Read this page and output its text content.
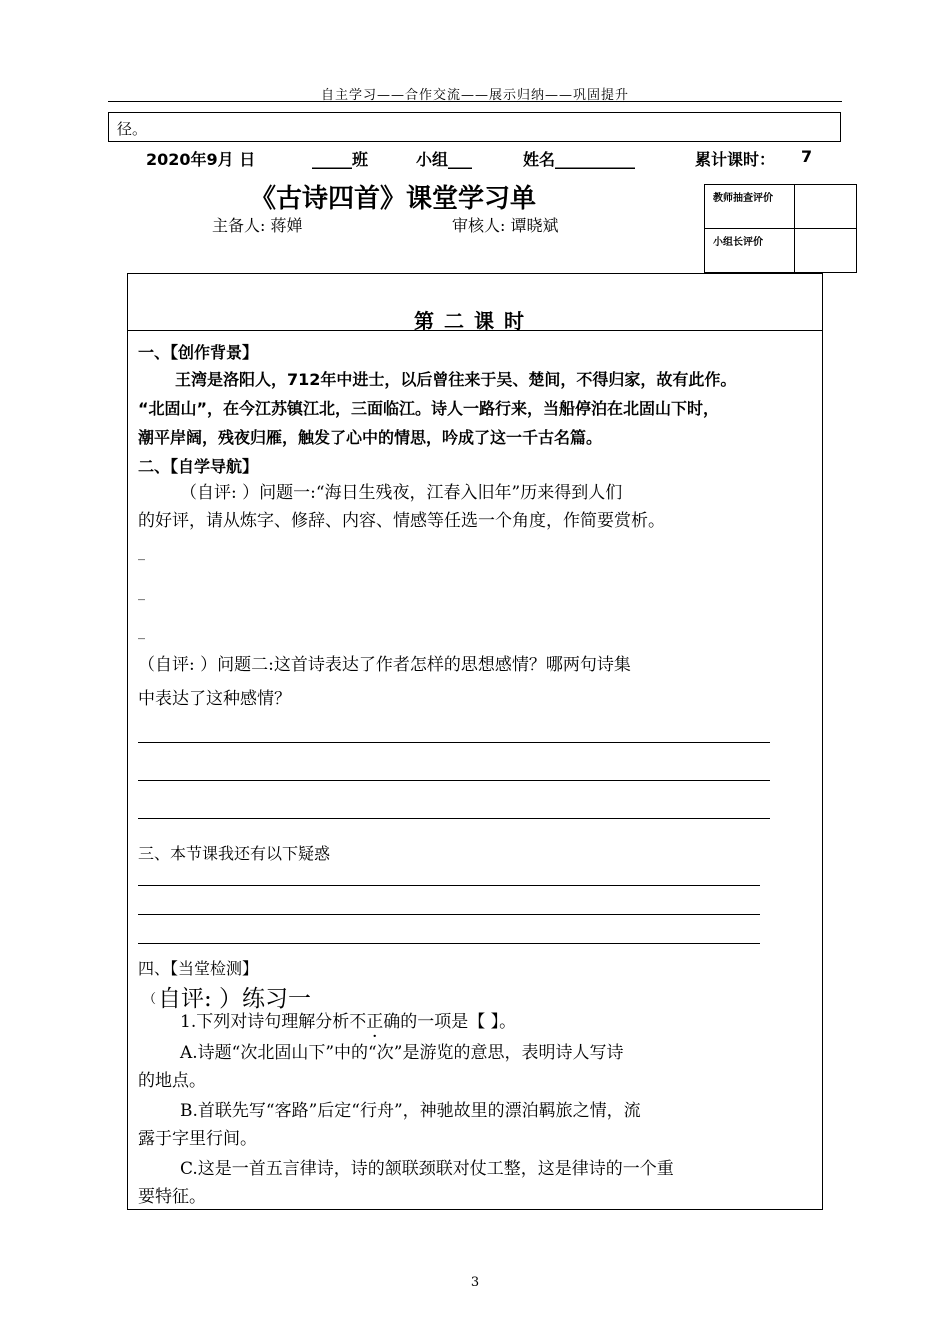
自主学习——合作交流——展示归纳——巩固提升
径。
2020年9月 日	_____班	小组___	姓名__________	累计课时： 7
《古诗四首》课堂学习单
主备人: 蒋婵	审核人: 谭晓斌
教师抽查评价
小组长评价
第二课时
一、【创作背景】
王湾是洛阳人，712年中进士，以后曾往来于吴、楚间，不得归家，故有此作。
“北固山”，在今江苏镇江北，三面临江。诗人一路行来，当船停泊在北固山下时，
潮平岸阔，残夜归雁，触发了心中的情思，吟成了这一千古名篇。
二、【自学导航】
（自评: ）问题一:“海日生残夜，江春入旧年”历来得到人们
的好评，请从炼字、修辞、内容、情感等任选一个角度，作简要赏析。
_
_
_
（自评: ）问题二:这首诗表达了作者怎样的思想感情？哪两句诗集
中表达了这种感情？
三、本节课我还有以下疑惑
四、【当堂检测】
（ 自评: ）练习一
1.下列对诗句理解分析不正确的一项是【 】。
A.诗题“次北固山下”中的“次”是游览的意思，表明诗人写诗
的地点。
B.首联先写“客路”后定“行舟”，神驰故里的漂泊羁旅之情，流
露于字里行间。
C.这是一首五言律诗，诗的颔联颈联对仗工整，这是律诗的一个重
要特征。
3
